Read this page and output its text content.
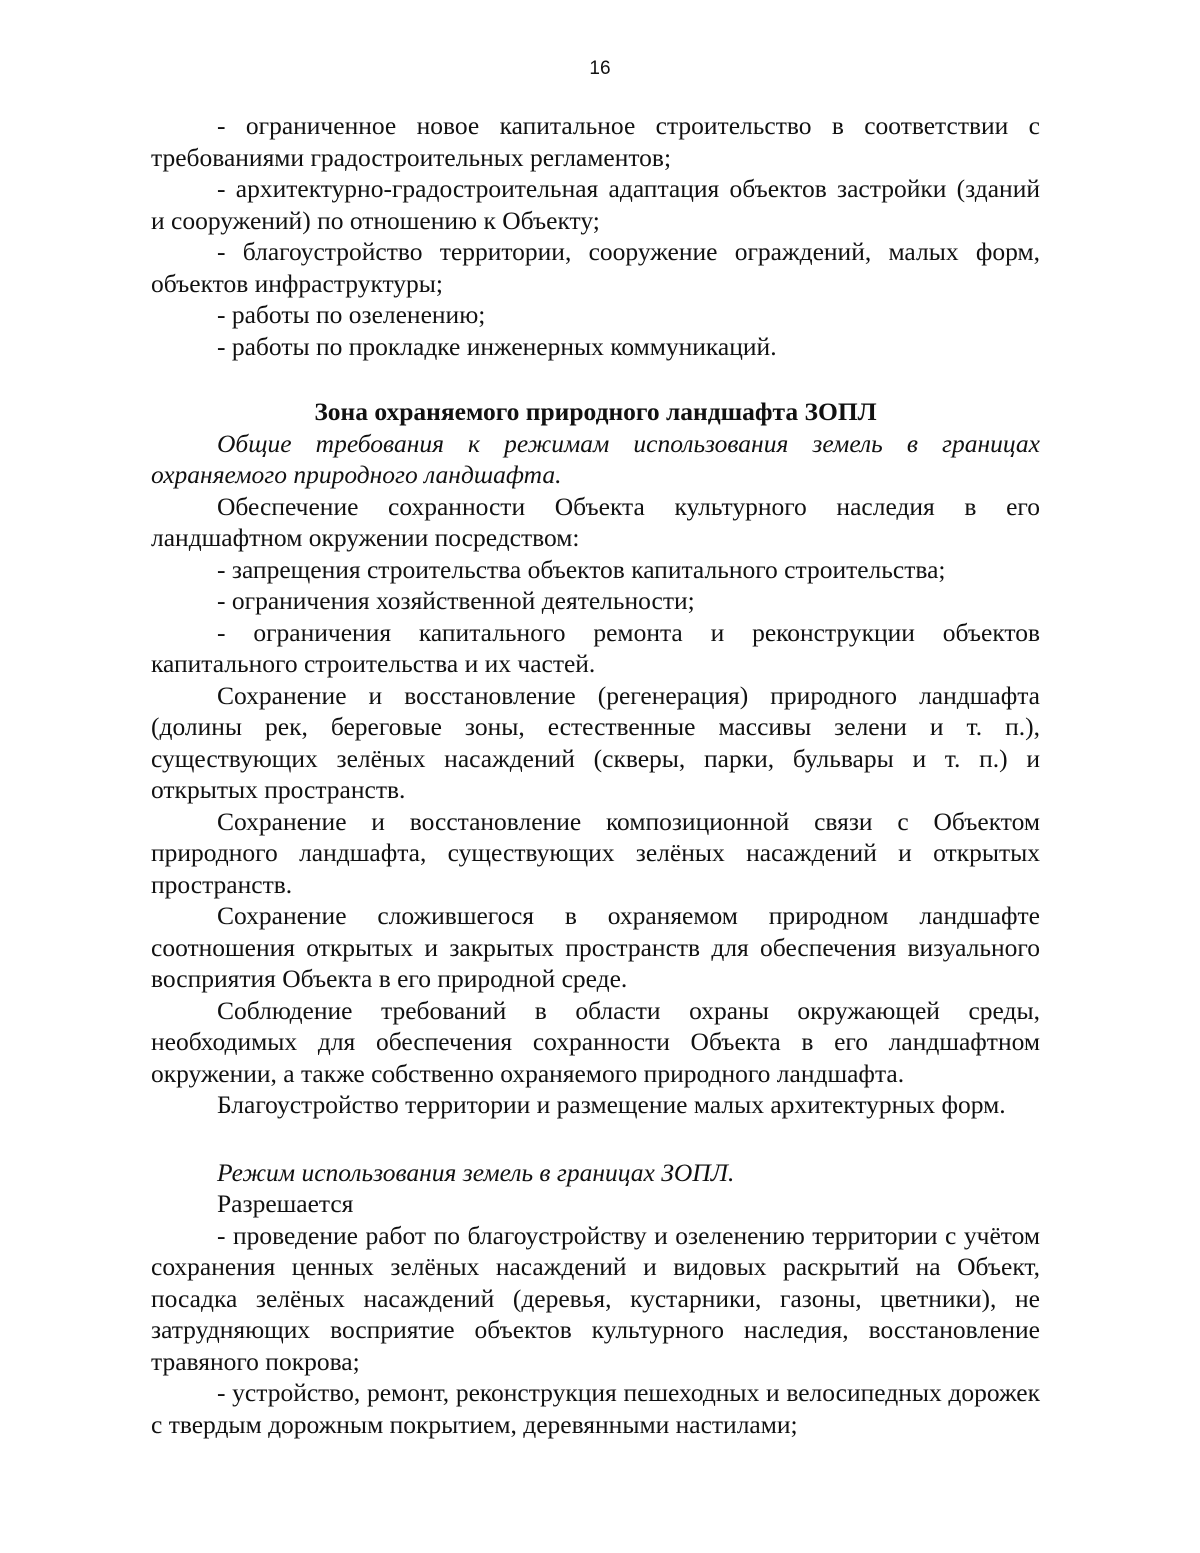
16

- ограниченное новое капитальное строительство в соответствии с требованиями градостроительных регламентов;

- архитектурно-градостроительная адаптация объектов застройки (зданий и сооружений) по отношению к Объекту;

- благоустройство территории, сооружение ограждений, малых форм, объектов инфраструктуры;

- работы по озеленению;

- работы по прокладке инженерных коммуникаций.

Зона охраняемого природного ландшафта ЗОПЛ

Общие требования к режимам использования земель в границах охраняемого природного ландшафта.

Обеспечение сохранности Объекта культурного наследия в его ландшафтном окружении посредством:

- запрещения строительства объектов капитального строительства;

- ограничения хозяйственной деятельности;

- ограничения капитального ремонта и реконструкции объектов капитального строительства и их частей.

Сохранение и восстановление (регенерация) природного ландшафта (долины рек, береговые зоны, естественные массивы зелени и т. п.), существующих зелёных насаждений (скверы, парки, бульвары и т. п.) и открытых пространств.

Сохранение и восстановление композиционной связи с Объектом природного ландшафта, существующих зелёных насаждений и открытых пространств.

Сохранение сложившегося в охраняемом природном ландшафте соотношения открытых и закрытых пространств для обеспечения визуального восприятия Объекта в его природной среде.

Соблюдение требований в области охраны окружающей среды, необходимых для обеспечения сохранности Объекта в его ландшафтном окружении, а также собственно охраняемого природного ландшафта.

Благоустройство территории и размещение малых архитектурных форм.

Режим использования земель в границах ЗОПЛ.

Разрешается

- проведение работ по благоустройству и озеленению территории с учётом сохранения ценных зелёных насаждений и видовых раскрытий на Объект, посадка зелёных насаждений (деревья, кустарники, газоны, цветники), не затрудняющих восприятие объектов культурного наследия, восстановление травяного покрова;

- устройство, ремонт, реконструкция пешеходных и велосипедных дорожек с твердым дорожным покрытием, деревянными настилами;
